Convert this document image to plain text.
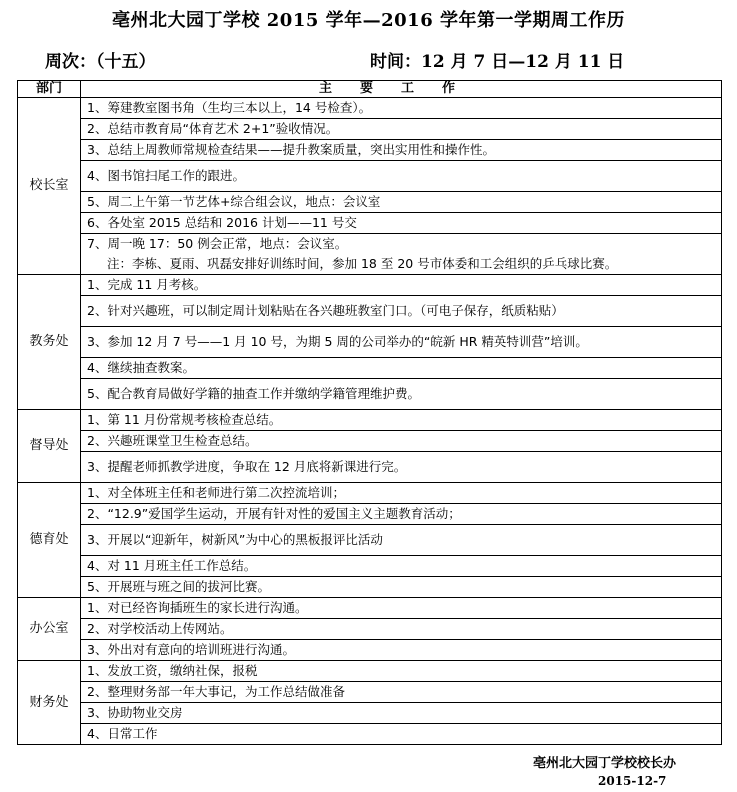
亳州北大园丁学校 2015 学年—2016 学年第一学期周工作历
周次：（十五）	时间：12 月 7 日—12 月 11 日
部门	主要工作
校长室	1、筹建教室图书角（生均三本以上，14 号检查）。
	2、总结市教育局“体育艺术 2+1”验收情况。
	3、总结上周教师常规检查结果——提升教案质量，突出实用性和操作性。
	4、图书馆扫尾工作的跟进。
	5、周二上午第一节艺体+综合组会议，地点：会议室
	6、各处室 2015 总结和 2016 计划——11 号交
	7、周一晚 17：50 例会正常，地点：会议室。
注：李栋、夏雨、巩磊安排好训练时间，参加 18 至 20 号市体委和工会组织的乒乓球比赛。

教务处	1、完成 11 月考核。
	2、针对兴趣班，可以制定周计划粘贴在各兴趣班教室门口。（可电子保存，纸质粘贴）
	3、参加 12 月 7 号——1 月 10 号，为期 5 周的公司举办的“皖新 HR 精英特训营”培训。
	4、继续抽查教案。
	5、配合教育局做好学籍的抽查工作并缴纳学籍管理维护费。
督导处	1、第 11 月份常规考核检查总结。
	2、兴趣班课堂卫生检查总结。
	3、提醒老师抓教学进度，争取在 12 月底将新课进行完。
德育处	1、对全体班主任和老师进行第二次控流培训；
	2、“12.9”爱国学生运动，开展有针对性的爱国主义主题教育活动；
	3、开展以“迎新年，树新风”为中心的黑板报评比活动
	4、对 11 月班主任工作总结。
	5、开展班与班之间的拔河比赛。
办公室	1、对已经咨询插班生的家长进行沟通。
	2、对学校活动上传网站。
	3、外出对有意向的培训班进行沟通。
财务处	1、发放工资，缴纳社保，报税
	2、整理财务部一年大事记，为工作总结做准备
	3、协助物业交房
	4、日常工作
亳州北大园丁学校校长办
2015-12-7
